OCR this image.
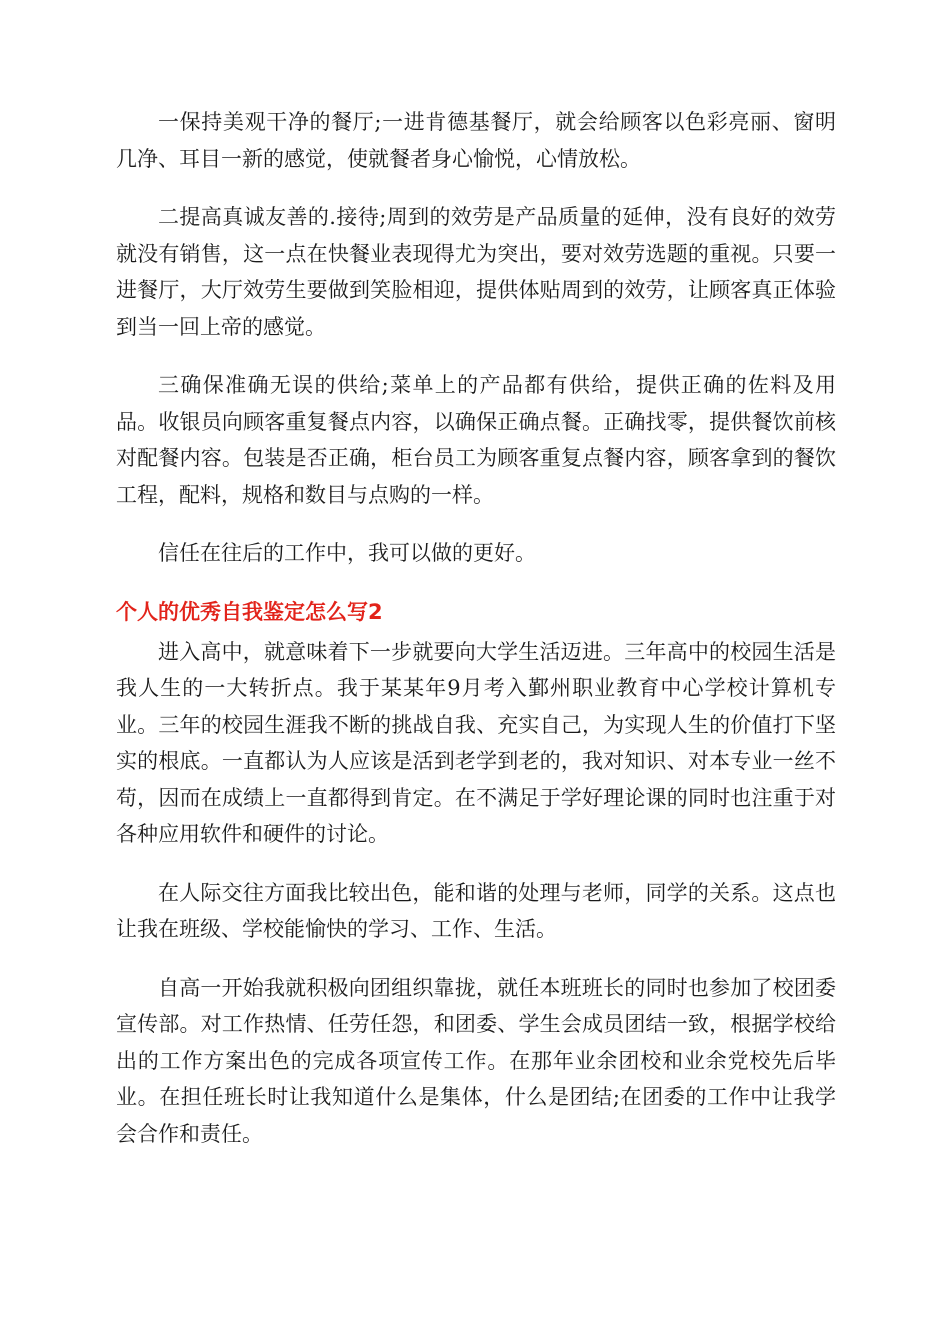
一保持美观干净的餐厅;一进肯德基餐厅，就会给顾客以色彩亮丽、窗明几净、耳目一新的感觉，使就餐者身心愉悦，心情放松。

二提高真诚友善的.接待;周到的效劳是产品质量的延伸，没有良好的效劳就没有销售，这一点在快餐业表现得尤为突出，要对效劳选题的重视。只要一进餐厅，大厅效劳生要做到笑脸相迎，提供体贴周到的效劳，让顾客真正体验到当一回上帝的感觉。

三确保准确无误的供给;菜单上的产品都有供给，提供正确的佐料及用品。收银员向顾客重复餐点内容，以确保正确点餐。正确找零，提供餐饮前核对配餐内容。包装是否正确，柜台员工为顾客重复点餐内容，顾客拿到的餐饮工程，配料，规格和数目与点购的一样。

信任在往后的工作中，我可以做的更好。

个人的优秀自我鉴定怎么写2

进入高中，就意味着下一步就要向大学生活迈进。三年高中的校园生活是我人生的一大转折点。我于某某年9月考入鄞州职业教育中心学校计算机专业。三年的校园生涯我不断的挑战自我、充实自己，为实现人生的价值打下坚实的根底。一直都认为人应该是活到老学到老的，我对知识、对本专业一丝不苟，因而在成绩上一直都得到肯定。在不满足于学好理论课的同时也注重于对各种应用软件和硬件的讨论。

在人际交往方面我比较出色，能和谐的处理与老师，同学的关系。这点也让我在班级、学校能愉快的学习、工作、生活。

自高一开始我就积极向团组织靠拢，就任本班班长的同时也参加了校团委宣传部。对工作热情、任劳任怨，和团委、学生会成员团结一致，根据学校给出的工作方案出色的完成各项宣传工作。在那年业余团校和业余党校先后毕业。在担任班长时让我知道什么是集体，什么是团结;在团委的工作中让我学会合作和责任。
